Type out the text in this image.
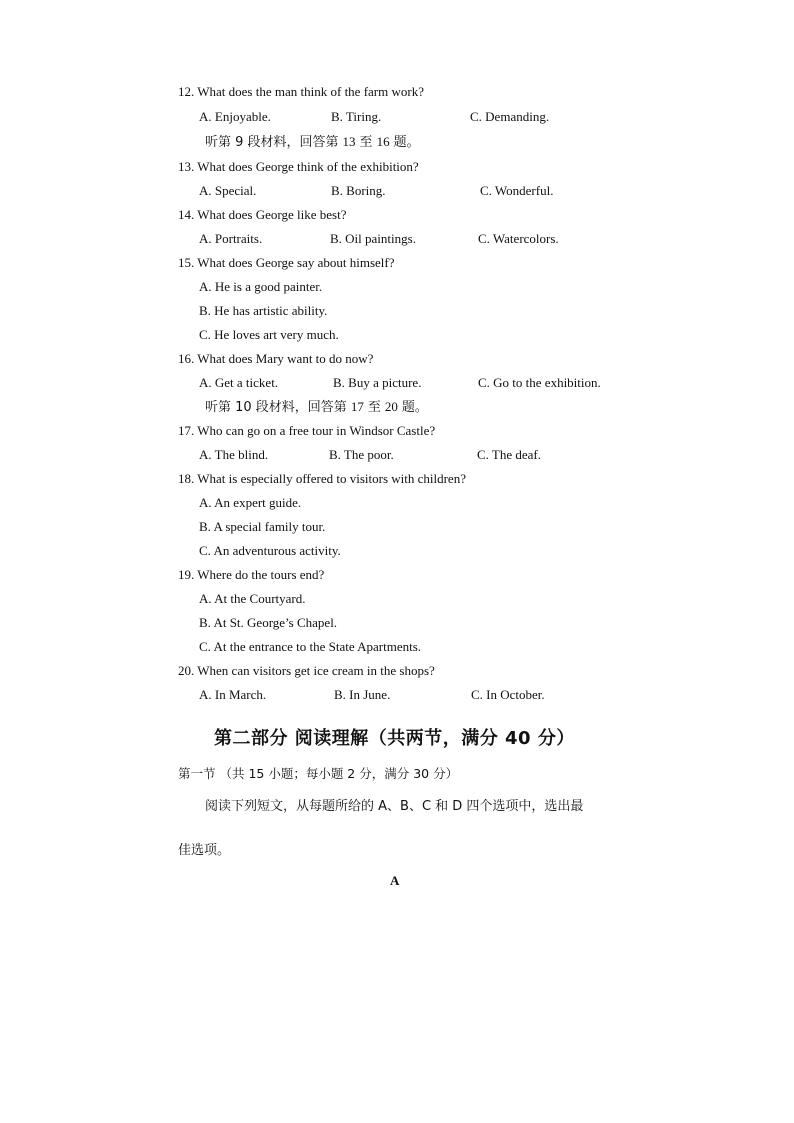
12. What does the man think of the farm work?
A. Enjoyable.	B. Tiring.	C. Demanding.
听第 9 段材料，回答第 13 至 16 题。
13. What does George think of the exhibition?
A. Special.	B. Boring.	C. Wonderful.
14. What does George like best?
A. Portraits.	B. Oil paintings.	C. Watercolors.
15. What does George say about himself?
A. He is a good painter.
B. He has artistic ability.
C. He loves art very much.
16. What does Mary want to do now?
A. Get a ticket.	B. Buy a picture.	C. Go to the exhibition.
听第 10 段材料，回答第 17 至 20 题。
17. Who can go on a free tour in Windsor Castle?
A. The blind.	B. The poor.	C. The deaf.
18. What is especially offered to visitors with children?
A. An expert guide.
B. A special family tour.
C. An adventurous activity.
19. Where do the tours end?
A. At the Courtyard.
B. At St. George’s Chapel.
C. At the entrance to the State Apartments.
20. When can visitors get ice cream in the shops?
A. In March.	B. In June.	C. In October.
第二部分 阅读理解（共两节，满分 40 分）
第一节 （共 15 小题；每小题 2 分，满分 30 分）
阅读下列短文，从每题所给的 A、B、C 和 D 四个选项中，选出最
佳选项。
A
